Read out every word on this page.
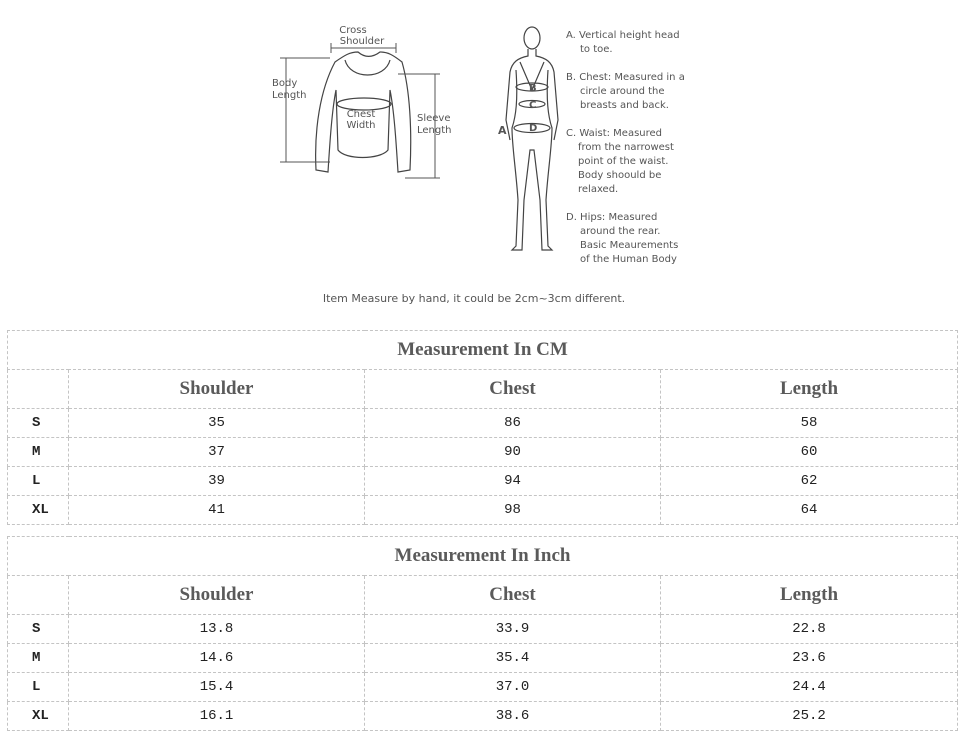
Cross
Shoulder
Body
Length
Chest
Width
Sleeve
Length	A
B
C
D
A. Vertical height head
to toe.
B. Chest: Measured in a
circle around the
breasts and back.
C. Waist: Measured
from the narrowest
point of the waist.
Body shoould be
relaxed.
D. Hips: Measured
around the rear.
Basic Meaurements
of the Human Body
Item Measure by hand, it could be 2cm~3cm different.
Measurement In CM			
	Shoulder	Chest	Length
S	35	86	58
M	37	90	60
L	39	94	62
XL	41	98	64
Measurement In Inch			
	Shoulder	Chest	Length
S	13.8	33.9	22.8
M	14.6	35.4	23.6
L	15.4	37.0	24.4
XL	16.1	38.6	25.2
